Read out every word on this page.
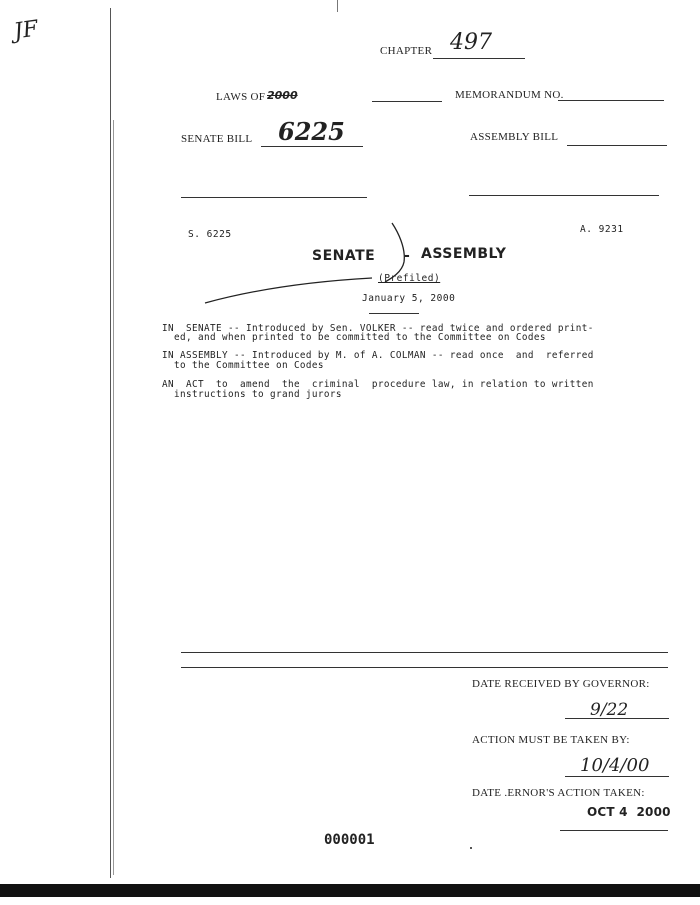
JF
CHAPTER 497
LAWS OF 2000	MEMORANDUM NO.
SENATE BILL 6225	ASSEMBLY BILL
S. 6225	A. 9231
SENATE - ASSEMBLY
(Prefiled)
January 5, 2000
IN  SENATE -- Introduced by Sen. VOLKER -- read twice and ordered print-
ed, and when printed to be committed to the Committee on Codes
IN ASSEMBLY -- Introduced by M. of A. COLMAN -- read once  and  referred
to the Committee on Codes
AN  ACT  to  amend  the  criminal  procedure law, in relation to written
instructions to grand jurors
DATE RECEIVED BY GOVERNOR:
9/22
ACTION MUST BE TAKEN BY:
10/4/00
DATE .ERNOR'S ACTION TAKEN:
OCT 4  2000
000001
